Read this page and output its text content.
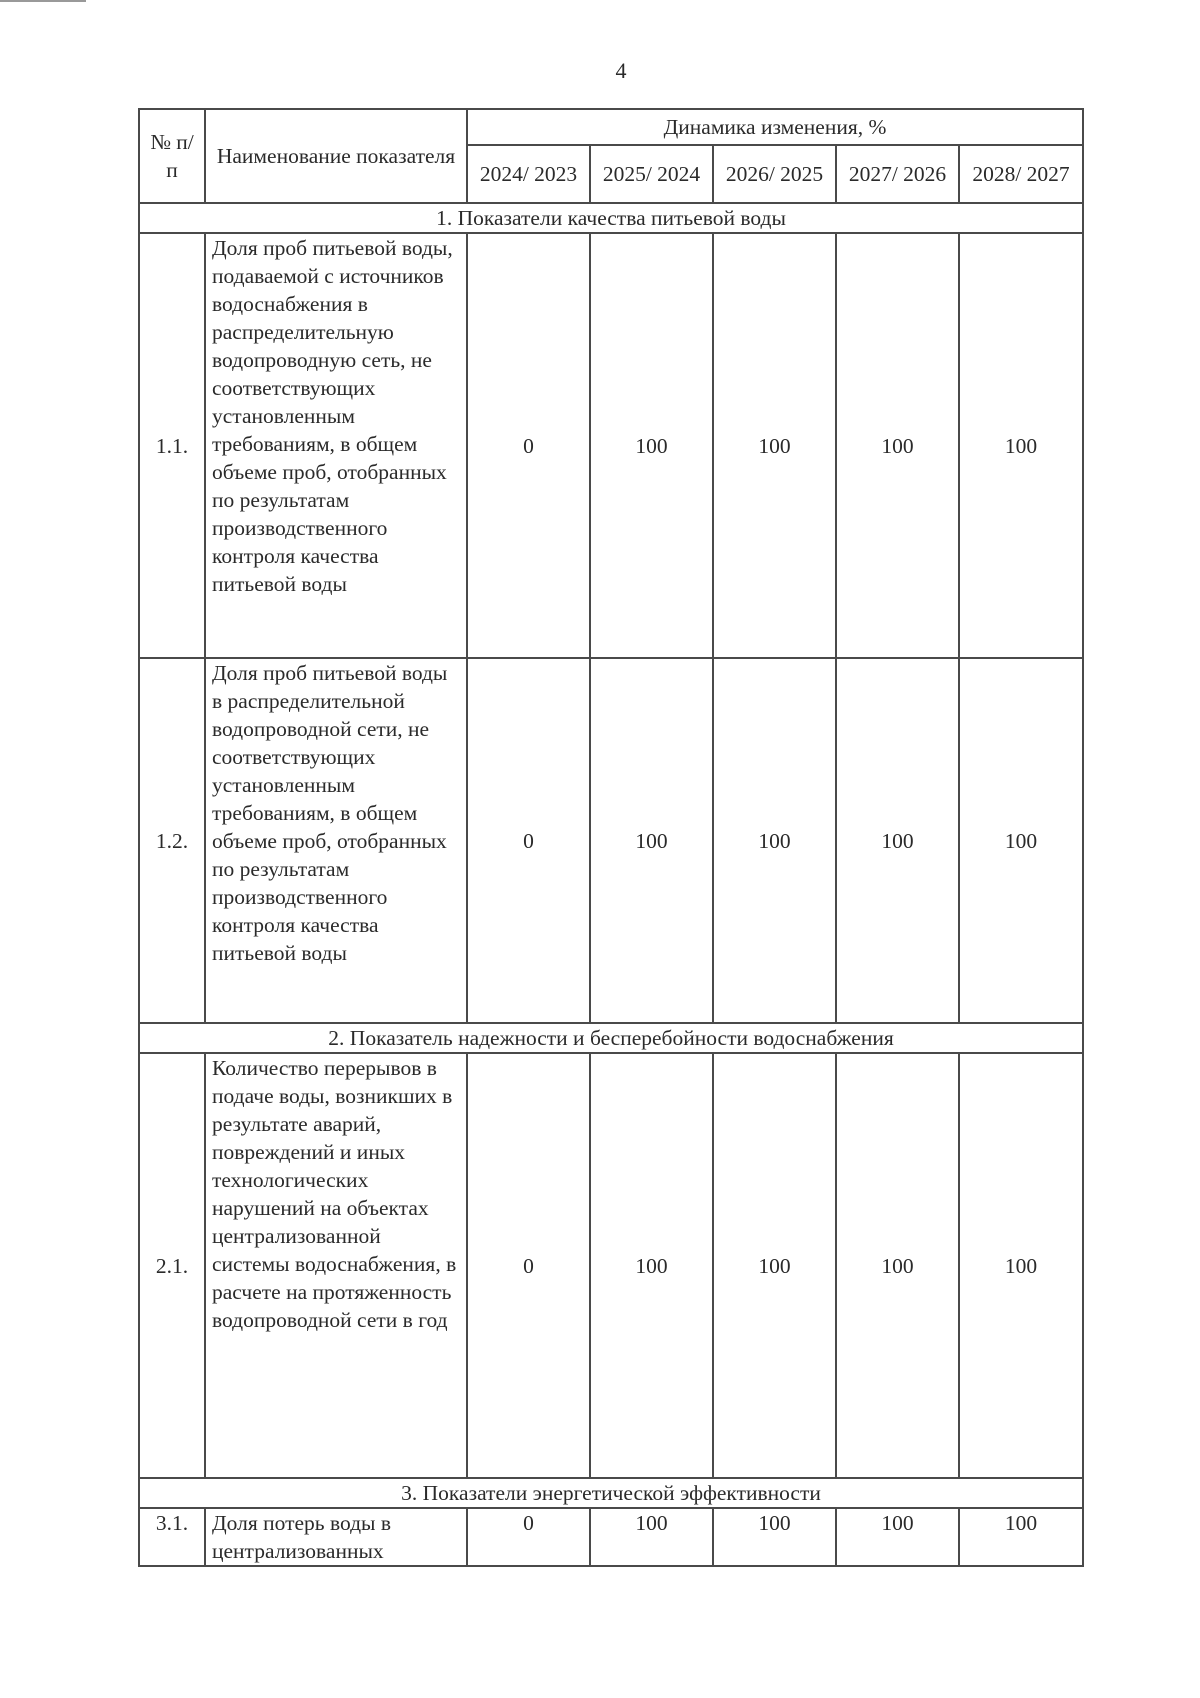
4
№ п/п	Наименование показателя	Динамика изменения, %				
		2024/ 2023	2025/ 2024	2026/ 2025	2027/ 2026	2028/ 2027
1. Показатели качества питьевой воды						
1.1.	Доля проб питьевой воды, подаваемой с источников водоснабжения в распределительную водопроводную сеть, не соответствующих установленным требованиям, в общем объеме проб, отобранных по результатам производственного контроля качества питьевой воды	0	100	100	100	100
1.2.	Доля проб питьевой воды в распределительной водопроводной сети, не соответствующих установленным требованиям, в общем объеме проб, отобранных по результатам производственного контроля качества питьевой воды	0	100	100	100	100
2. Показатель надежности и бесперебойности водоснабжения						
2.1.	Количество перерывов в подаче воды, возникших в результате аварий, повреждений и иных технологических нарушений на объектах централизованной системы водоснабжения, в расчете на протяженность водопроводной сети в год	0	100	100	100	100
3. Показатели энергетической эффективности						
3.1.	Доля потерь воды в централизованных	0	100	100	100	100
